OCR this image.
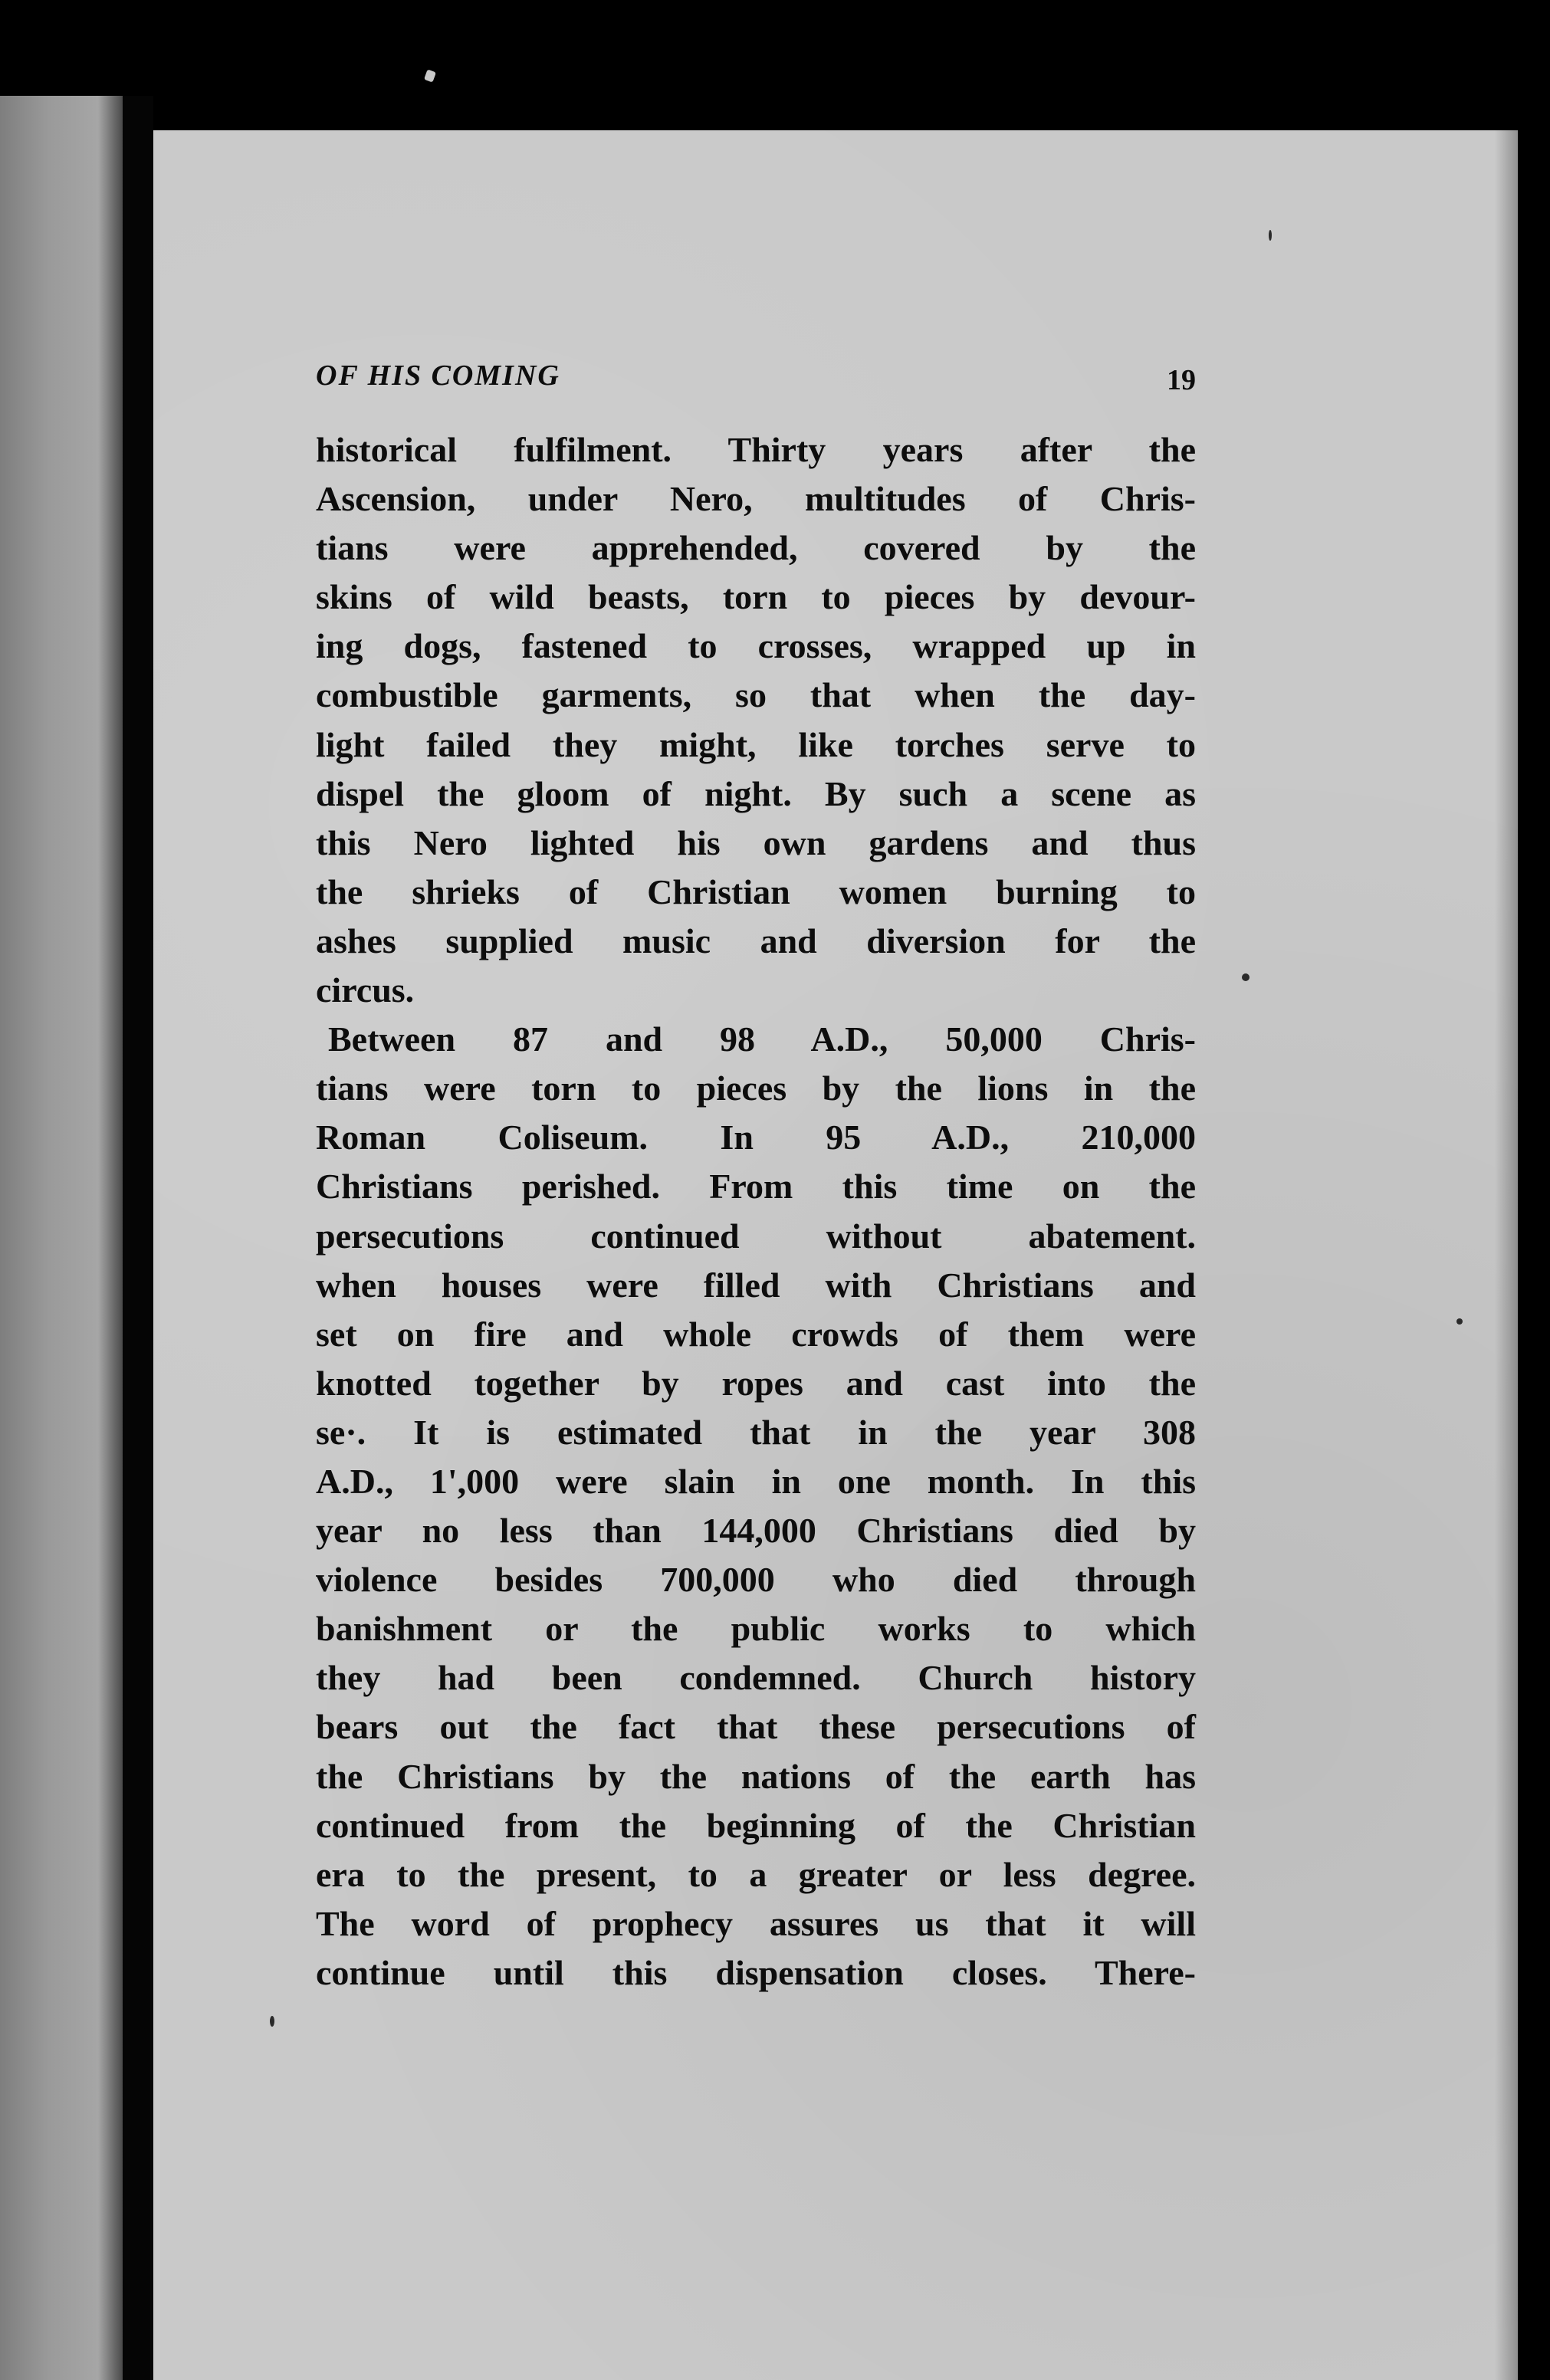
OF HIS COMING	19
historical fulfilment. Thirty years after the
Ascension, under Nero, multitudes of Chris-
tians were apprehended, covered by the
skins of wild beasts, torn to pieces by devour-
ing dogs, fastened to crosses, wrapped up in
combustible garments, so that when the day-
light failed they might, like torches serve to
dispel the gloom of night. By such a scene as
this Nero lighted his own gardens and thus
the shrieks of Christian women burning to
ashes supplied music and diversion for the
circus.
Between 87 and 98 A.D., 50,000 Chris-
tians were torn to pieces by the lions in the
Roman Coliseum. In 95 A.D., 210,000
Christians perished. From this time on the
persecutions continued without abatement.
when houses were filled with Christians and
set on fire and whole crowds of them were
knotted together by ropes and cast into the
se·. It is estimated that in the year 308
A.D., 1',000 were slain in one month. In this
year no less than 144,000 Christians died by
violence besides 700,000 who died through
banishment or the public works to which
they had been condemned. Church history
bears out the fact that these persecutions of
the Christians by the nations of the earth has
continued from the beginning of the Christian
era to the present, to a greater or less degree.
The word of prophecy assures us that it will
continue until this dispensation closes. There-
